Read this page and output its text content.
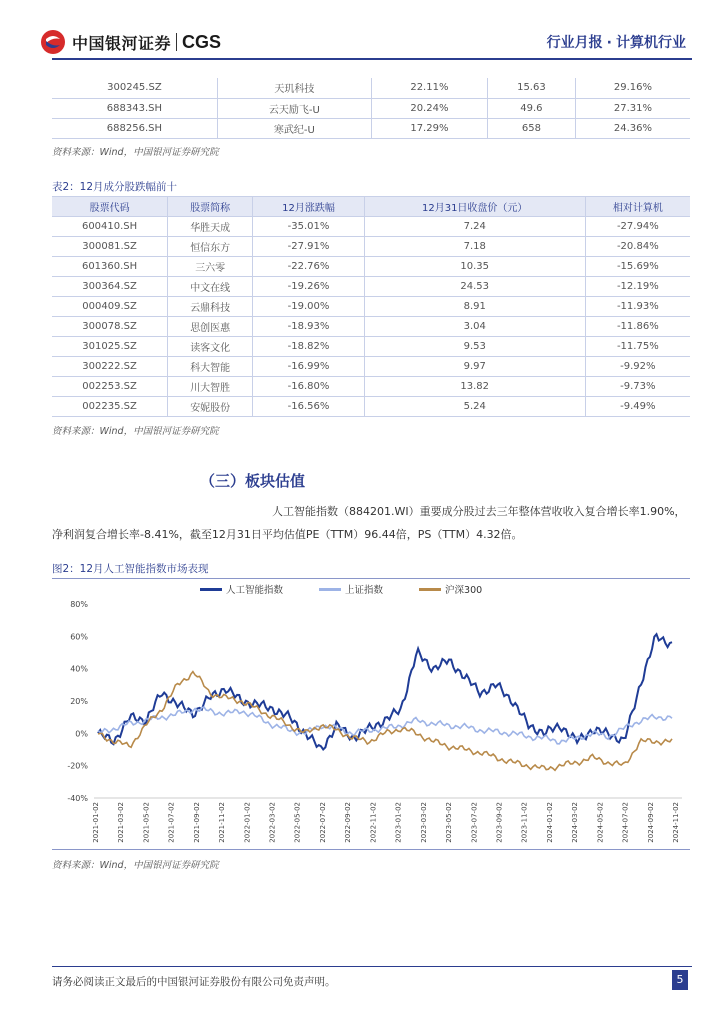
中国银河证券 CGS	行业月报 · 计算机行业
300245.SZ	天玑科技	22.11%	15.63	29.16%
688343.SH	云天励飞-U	20.24%	49.6	27.31%
688256.SH	寒武纪-U	17.29%	658	24.36%
资料来源：Wind，中国银河证券研究院
表2：12月成分股跌幅前十
股票代码	股票简称	12月涨跌幅	12月31日收盘价（元）	相对计算机
600410.SH	华胜天成	-35.01%	7.24	-27.94%
300081.SZ	恒信东方	-27.91%	7.18	-20.84%
601360.SH	三六零	-22.76%	10.35	-15.69%
300364.SZ	中文在线	-19.26%	24.53	-12.19%
000409.SZ	云鼎科技	-19.00%	8.91	-11.93%
300078.SZ	思创医惠	-18.93%	3.04	-11.86%
301025.SZ	读客文化	-18.82%	9.53	-11.75%
300222.SZ	科大智能	-16.99%	9.97	-9.92%
002253.SZ	川大智胜	-16.80%	13.82	-9.73%
002235.SZ	安妮股份	-16.56%	5.24	-9.49%
资料来源：Wind，中国银河证券研究院
（三）板块估值
人工智能指数（884201.WI）重要成分股过去三年整体营收收入复合增长率1.90%，净利润复合增长率-8.41%，截至12月31日平均估值PE（TTM）96.44倍，PS（TTM）4.32倍。
图2：12月人工智能指数市场表现
人工智能指数	上证指数	沪深300
80%
60%
40%
20%
0%
-20%
-40%
2021-01-02 2021-03-02 2021-05-02 2021-07-02 2021-09-02 2021-11-02 2022-01-02 2022-03-02 2022-05-02 2022-07-02 2022-09-02 2022-11-02 2023-01-02 2023-03-02 2023-05-02 2023-07-02 2023-09-02 2023-11-02 2024-01-02 2024-03-02 2024-05-02 2024-07-02 2024-09-02 2024-11-02
资料来源：Wind，中国银河证券研究院
请务必阅读正文最后的中国银河证券股份有限公司免责声明。	5
